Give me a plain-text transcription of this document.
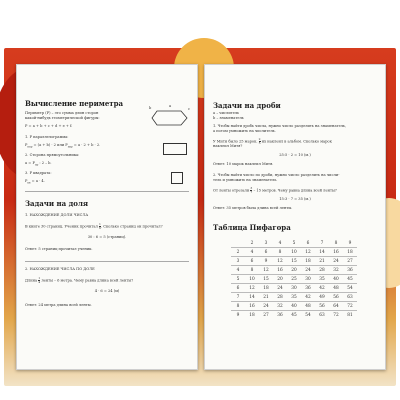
Вычисление периметра
Периметр (P) – это сумма длин сторон
какой-нибудь геометрической фигуры:
P = a + b + c + d + e + f.
b	a
c
1. P параллелограмма:
$P_{пар} = (a + b) \cdot 2$ или $P_{пар} = a \cdot 2 + b \cdot 2$.
2. Сторона прямоугольника:
$a = P_{пр}$ : 2 – b.
3. P квадрата:
$P_{кв} = a \cdot 4$.
Задачи на доля
1. НАХОЖДЕНИЕ ДОЛИ ЧИСЛА
В книге 30 страниц. Ученик прочитал $\frac{1}{6}$ . Сколько страниц он прочитал?
30 : 6 = 5 (страниц).
Ответ: 5 страниц прочитал ученик.
2. НАХОЖДЕНИЕ ЧИСЛА ПО ДОЛЕ
Длина $\frac{1}{4}$ ленты – 6 метра. Чему равна длина всей ленты?
4 · 6 = 24 (м)
Ответ: 24 метра длина всей ленты.
Задачи на дроби
a – числитель
b – знаменатель
1. Чтобы найти дробь числа, нужно число разделить на знаменатель,
а потом умножить на числитель.
У Мити было 25 марок. $\frac{2}{5}$ их наклеил в альбом. Сколько марок
наклеил Митя?
25:5 · 2 = 10 (м.)
Ответ: 10 марок наклеил Митя.
2. Чтобы найти число по дроби, нужно число разделить на числи-
тель и умножить на знаменатель.
От ленты отрезали $\frac{3}{7} - 15$ метров. Чему равна длина всей ленты?
15:3 · 7 = 35 (м.)
Ответ: 35 метров была длина всей ленты.
Таблица Пифагора
	2	3	4	5	6	7	8	9
2	4	6	8	10	12	14	16	18
3	6	9	12	15	18	21	24	27
4	8	12	16	20	24	28	32	36
5	10	15	20	25	30	35	40	45
6	12	18	24	30	36	42	48	54
7	14	21	28	35	42	49	56	63
8	16	24	32	40	48	56	64	72
9	18	27	36	45	54	63	72	81
